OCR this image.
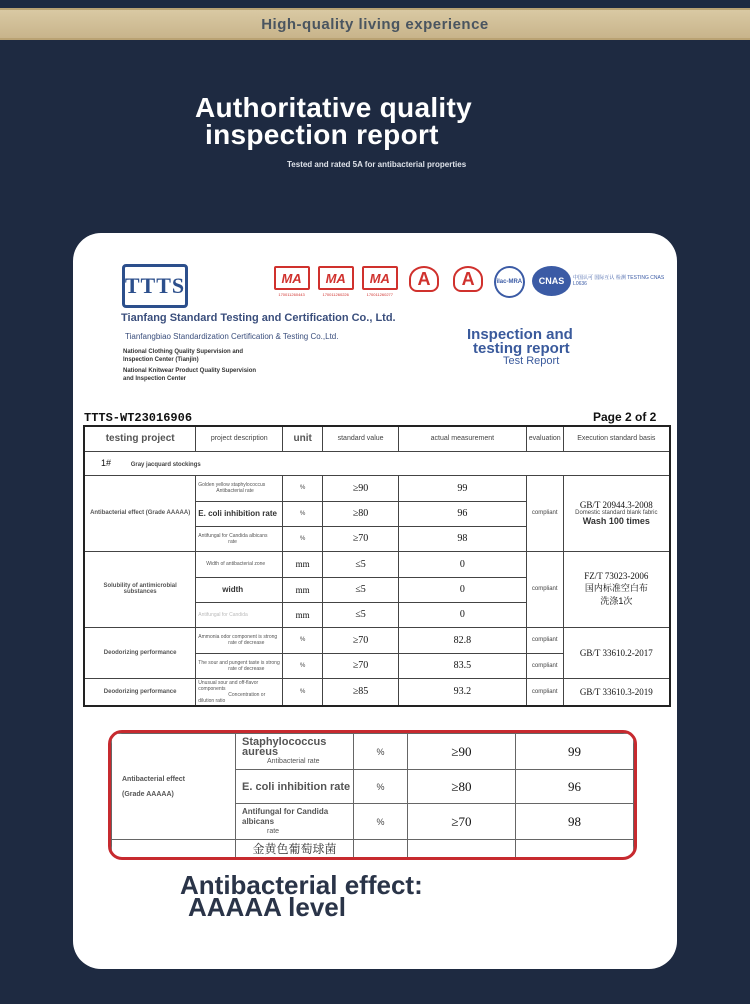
High-quality living experience
Authoritative quality
inspection report
Tested and rated 5A for antibacterial properties
TTTS
Tianfang Standard Testing and Certification Co., Ltd.
Tianfangbiao Standardization Certification & Testing Co.,Ltd.
National Clothing Quality Supervision and Inspection Center (Tianjin)
National Knitwear Product Quality Supervision and Inspection Center
MA
170011260443
MA
170011260226
MA
170011260277
A	A	ilac-MRA	CNAS	中国认可 国际互认 检测 TESTING CNAS L0636
Inspection and
testing report
Test Report
TTTS-WT23016906	Page 2 of 2
testing project	project description	unit	standard value	actual measurement	evaluation	Execution standard basis
1# Gray jacquard stockings						
Antibacterial effect (Grade AAAAA)	Golden yellow staphylococcus
Antibacterial rate	%	≥90	99	compliant	GB/T 20944.3-2008
Domestic standard blank fabric
Wash 100 times

	E. coli inhibition rate	%	≥80	96		
	Antifungal for Candida albicans
rate	%	≥70	98		
Solubility of antimicrobial substances	Width of antibacterial zone	mm	≤5	0	compliant	FZ/T 73023-2006
国内标准空白布
洗涤1次

	width	mm	≤5	0		
	Antifungal for Candida	mm	≤5	0		
Deodorizing performance	Ammonia odor component is strong
rate of decrease	%	≥70	82.8	compliant	GB/T 33610.2-2017
	The sour and pungent taste is strong
rate of decrease	%	≥70	83.5	compliant	
Deodorizing performance	Unusual sour and off-flavor components
Concentration or dilution ratio	%	≥85	93.2	compliant	GB/T 33610.3-2019
Antibacterial effect
(Grade AAAAA)	Staphylococcus aureus
Antibacterial rate	%	≥90	99
	E. coli inhibition rate	%	≥80	96
	Antifungal for Candida albicans
rate	%	≥70	98
	金黄色葡萄球菌			
Antibacterial effect:
AAAAA level
